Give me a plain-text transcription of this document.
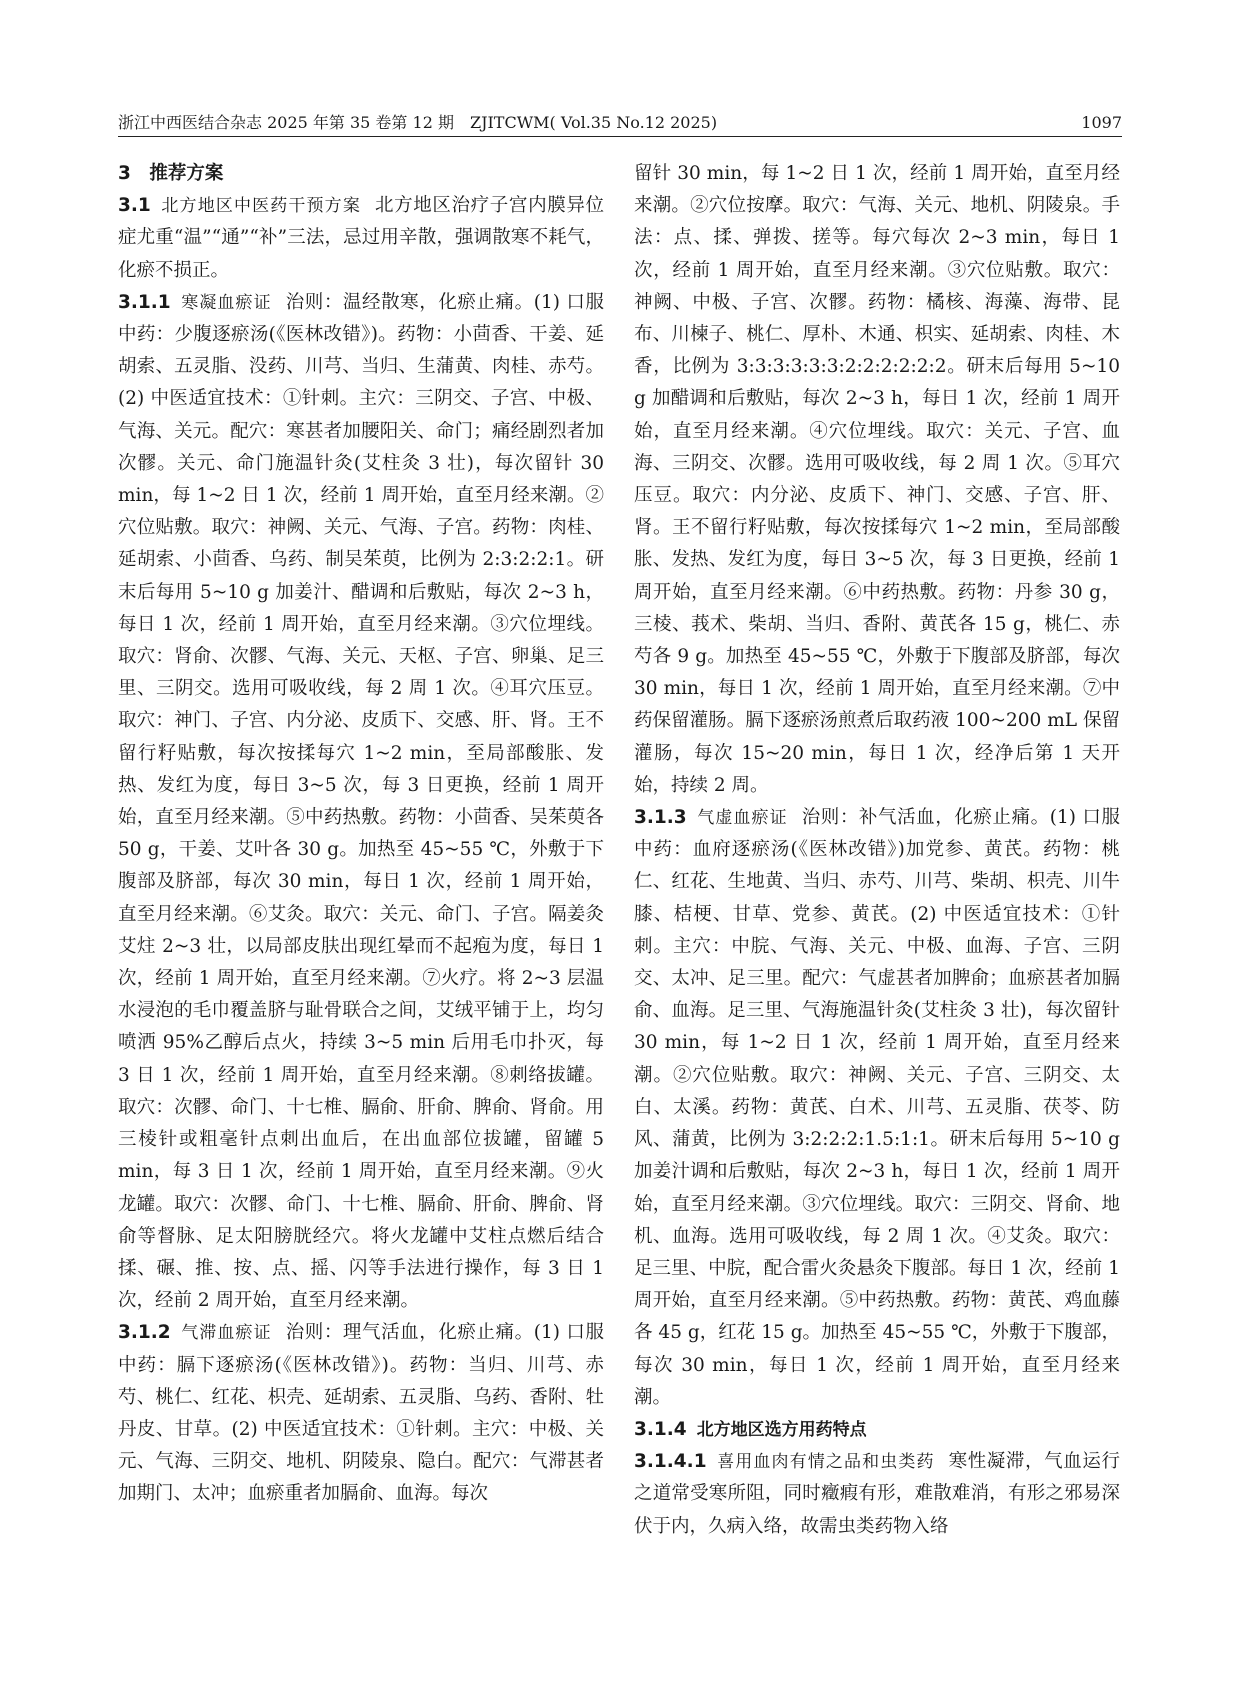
浙江中西医结合杂志 2025 年第 35 卷第 12 期　ZJITCWM( Vol.35 No.12 2025)	1097

3　推荐方案

3.1 北方地区中医药干预方案 北方地区治疗子宫内膜异位症尤重“温”“通”“补”三法，忌过用辛散，强调散寒不耗气，化瘀不损正。

3.1.1 寒凝血瘀证 治则：温经散寒，化瘀止痛。(1) 口服中药：少腹逐瘀汤(《医林改错》)。药物：小茴香、干姜、延胡索、五灵脂、没药、川芎、当归、生蒲黄、肉桂、赤芍。(2) 中医适宜技术：①针刺。主穴：三阴交、子宫、中极、气海、关元。配穴：寒甚者加腰阳关、命门；痛经剧烈者加次髎。关元、命门施温针灸(艾柱灸 3 壮)，每次留针 30 min，每 1~2 日 1 次，经前 1 周开始，直至月经来潮。②穴位贴敷。取穴：神阙、关元、气海、子宫。药物：肉桂、延胡索、小茴香、乌药、制吴茱萸，比例为 2:3:2:2:1。研末后每用 5~10 g 加姜汁、醋调和后敷贴，每次 2~3 h，每日 1 次，经前 1 周开始，直至月经来潮。③穴位埋线。取穴：肾俞、次髎、气海、关元、天枢、子宫、卵巢、足三里、三阴交。选用可吸收线，每 2 周 1 次。④耳穴压豆。取穴：神门、子宫、内分泌、皮质下、交感、肝、肾。王不留行籽贴敷，每次按揉每穴 1~2 min，至局部酸胀、发热、发红为度，每日 3~5 次，每 3 日更换，经前 1 周开始，直至月经来潮。⑤中药热敷。药物：小茴香、吴茱萸各 50 g，干姜、艾叶各 30 g。加热至 45~55 ℃，外敷于下腹部及脐部，每次 30 min，每日 1 次，经前 1 周开始，直至月经来潮。⑥艾灸。取穴：关元、命门、子宫。隔姜灸艾炷 2~3 壮，以局部皮肤出现红晕而不起疱为度，每日 1 次，经前 1 周开始，直至月经来潮。⑦火疗。将 2~3 层温水浸泡的毛巾覆盖脐与耻骨联合之间，艾绒平铺于上，均匀喷洒 95%乙醇后点火，持续 3~5 min 后用毛巾扑灭，每 3 日 1 次，经前 1 周开始，直至月经来潮。⑧刺络拔罐。取穴：次髎、命门、十七椎、膈俞、肝俞、脾俞、肾俞。用三棱针或粗毫针点刺出血后，在出血部位拔罐，留罐 5 min，每 3 日 1 次，经前 1 周开始，直至月经来潮。⑨火龙罐。取穴：次髎、命门、十七椎、膈俞、肝俞、脾俞、肾俞等督脉、足太阳膀胱经穴。将火龙罐中艾柱点燃后结合揉、碾、推、按、点、摇、闪等手法进行操作，每 3 日 1 次，经前 2 周开始，直至月经来潮。

3.1.2 气滞血瘀证 治则：理气活血，化瘀止痛。(1) 口服中药：膈下逐瘀汤(《医林改错》)。药物：当归、川芎、赤芍、桃仁、红花、枳壳、延胡索、五灵脂、乌药、香附、牡丹皮、甘草。(2) 中医适宜技术：①针刺。主穴：中极、关元、气海、三阴交、地机、阴陵泉、隐白。配穴：气滞甚者加期门、太冲；血瘀重者加膈俞、血海。每次

留针 30 min，每 1~2 日 1 次，经前 1 周开始，直至月经来潮。②穴位按摩。取穴：气海、关元、地机、阴陵泉。手法：点、揉、弹拨、搓等。每穴每次 2~3 min，每日 1 次，经前 1 周开始，直至月经来潮。③穴位贴敷。取穴：神阙、中极、子宫、次髎。药物：橘核、海藻、海带、昆布、川楝子、桃仁、厚朴、木通、枳实、延胡索、肉桂、木香，比例为 3:3:3:3:3:3:2:2:2:2:2:2。研末后每用 5~10 g 加醋调和后敷贴，每次 2~3 h，每日 1 次，经前 1 周开始，直至月经来潮。④穴位埋线。取穴：关元、子宫、血海、三阴交、次髎。选用可吸收线，每 2 周 1 次。⑤耳穴压豆。取穴：内分泌、皮质下、神门、交感、子宫、肝、肾。王不留行籽贴敷，每次按揉每穴 1~2 min，至局部酸胀、发热、发红为度，每日 3~5 次，每 3 日更换，经前 1 周开始，直至月经来潮。⑥中药热敷。药物：丹参 30 g，三棱、莪术、柴胡、当归、香附、黄芪各 15 g，桃仁、赤芍各 9 g。加热至 45~55 ℃，外敷于下腹部及脐部，每次 30 min，每日 1 次，经前 1 周开始，直至月经来潮。⑦中药保留灌肠。膈下逐瘀汤煎煮后取药液 100~200 mL 保留灌肠，每次 15~20 min，每日 1 次，经净后第 1 天开始，持续 2 周。

3.1.3 气虚血瘀证 治则：补气活血，化瘀止痛。(1) 口服中药：血府逐瘀汤(《医林改错》)加党参、黄芪。药物：桃仁、红花、生地黄、当归、赤芍、川芎、柴胡、枳壳、川牛膝、桔梗、甘草、党参、黄芪。(2) 中医适宜技术：①针刺。主穴：中脘、气海、关元、中极、血海、子宫、三阴交、太冲、足三里。配穴：气虚甚者加脾俞；血瘀甚者加膈俞、血海。足三里、气海施温针灸(艾柱灸 3 壮)，每次留针 30 min，每 1~2 日 1 次，经前 1 周开始，直至月经来潮。②穴位贴敷。取穴：神阙、关元、子宫、三阴交、太白、太溪。药物：黄芪、白术、川芎、五灵脂、茯苓、防风、蒲黄，比例为 3:2:2:2:1.5:1:1。研末后每用 5~10 g 加姜汁调和后敷贴，每次 2~3 h，每日 1 次，经前 1 周开始，直至月经来潮。③穴位埋线。取穴：三阴交、肾俞、地机、血海。选用可吸收线，每 2 周 1 次。④艾灸。取穴：足三里、中脘，配合雷火灸悬灸下腹部。每日 1 次，经前 1 周开始，直至月经来潮。⑤中药热敷。药物：黄芪、鸡血藤各 45 g，红花 15 g。加热至 45~55 ℃，外敷于下腹部，每次 30 min，每日 1 次，经前 1 周开始，直至月经来潮。

3.1.4 北方地区选方用药特点

3.1.4.1 喜用血肉有情之品和虫类药 寒性凝滞，气血运行之道常受寒所阻，同时癥瘕有形，难散难消，有形之邪易深伏于内，久病入络，故需虫类药物入络
